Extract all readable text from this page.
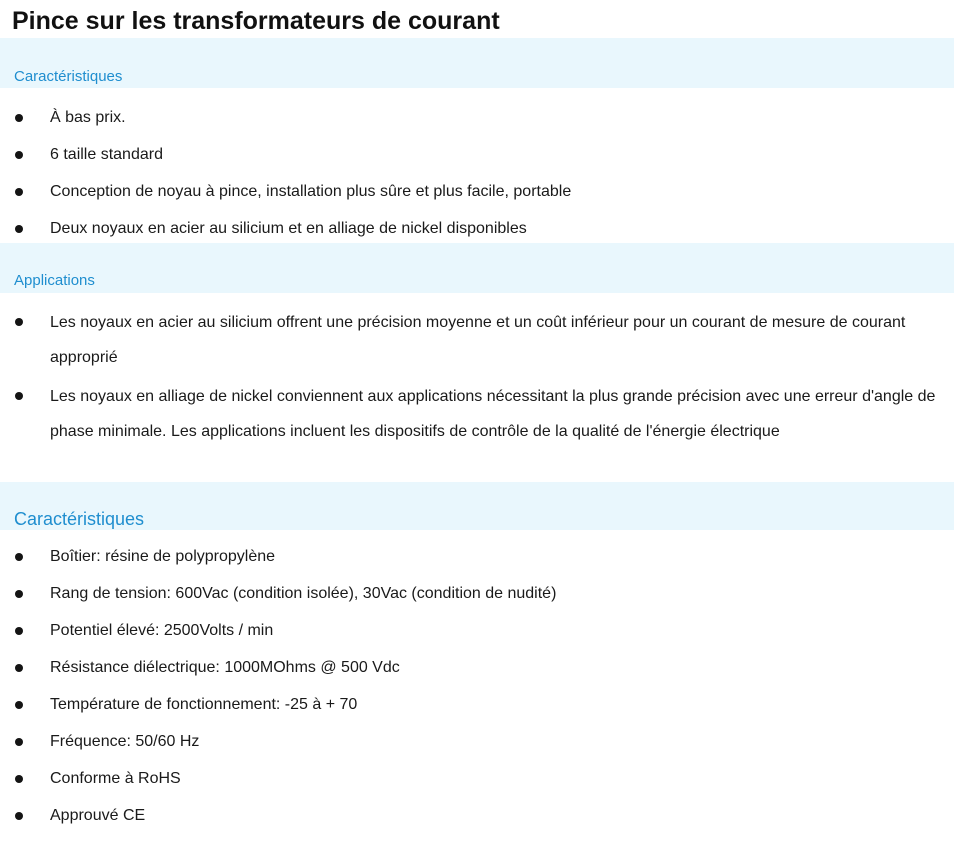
Pince sur les transformateurs de courant
Caractéristiques
À bas prix.
6 taille standard
Conception de noyau à pince, installation plus sûre et plus facile, portable
Deux noyaux en acier au silicium et en alliage de nickel disponibles
Applications
Les noyaux en acier au silicium offrent une précision moyenne et un coût inférieur pour un courant de mesure de courant approprié
Les noyaux en alliage de nickel conviennent aux applications nécessitant la plus grande précision avec une erreur d'angle de phase minimale. Les applications incluent les dispositifs de contrôle de la qualité de l'énergie électrique
Caractéristiques
Boîtier: résine de polypropylène
Rang de tension: 600Vac (condition isolée), 30Vac (condition de nudité)
Potentiel élevé: 2500Volts / min
Résistance diélectrique: 1000MOhms @ 500 Vdc
Température de fonctionnement: -25 à + 70
Fréquence: 50/60 Hz
Conforme à RoHS
Approuvé CE
